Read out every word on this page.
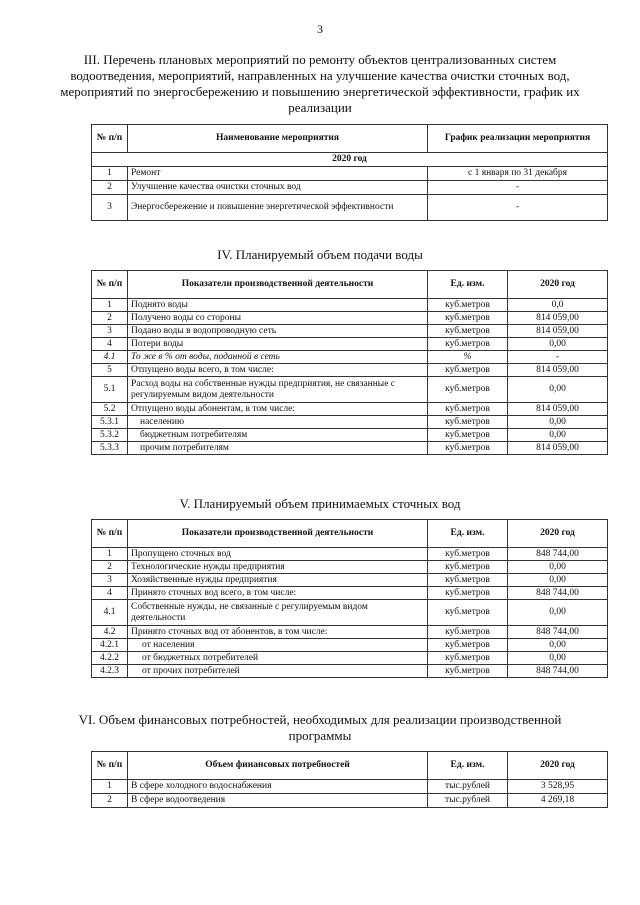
3
III. Перечень плановых мероприятий по ремонту объектов централизованных систем водоотведения, мероприятий, направленных на улучшение качества очистки сточных вод, мероприятий по энергосбережению и повышению энергетической эффективности, график их реализации
№ п/п	Наименование мероприятия	График реализации мероприятия
2020 год		
1	Ремонт	с 1 января по 31 декабря
2	Улучшение качества очистки сточных вод	-
3	Энергосбережение и повышение энергетической эффективности	-
IV. Планируемый объем подачи воды
№ п/п	Показатели производственной деятельности	Ед. изм.	2020 год
1	Поднято воды	куб.метров	0,0
2	Получено воды со стороны	куб.метров	814 059,00
3	Подано воды в водопроводную сеть	куб.метров	814 059,00
4	Потери воды	куб.метров	0,00
4.1	То же в % от воды, поданной в сеть	%	-
5	Отпущено воды всего, в том числе:	куб.метров	814 059,00
5.1	Расход воды на собственные нужды предприятия, не связанные с регулируемым видом деятельности	куб.метров	0,00
5.2	Отпущено воды абонентам, в том числе:	куб.метров	814 059,00
5.3.1	населению	куб.метров	0,00
5.3.2	бюджетным потребителям	куб.метров	0,00
5.3.3	прочим потребителям	куб.метров	814 059,00
V. Планируемый объем принимаемых сточных вод
№ п/п	Показатели производственной деятельности	Ед. изм.	2020 год
1	Пропущено сточных вод	куб.метров	848 744,00
2	Технологические нужды предприятия	куб.метров	0,00
3	Хозяйственные нужды предприятия	куб.метров	0,00
4	Принято сточных вод всего, в том числе:	куб.метров	848 744,00
4.1	Собственные нужды, не связанные с регулируемым видом деятельности	куб.метров	0,00
4.2	Принято сточных вод от абонентов, в том числе:	куб.метров	848 744,00
4.2.1	от населения	куб.метров	0,00
4.2.2	от бюджетных потребителей	куб.метров	0,00
4.2.3	от прочих потребителей	куб.метров	848 744,00
VI. Объем финансовых потребностей, необходимых для реализации производственной программы
№ п/п	Объем финансовых потребностей	Ед. изм.	2020 год
1	В сфере холодного водоснабжения	тыс.рублей	3 528,95
2	В сфере водоотведения	тыс.рублей	4 269,18
